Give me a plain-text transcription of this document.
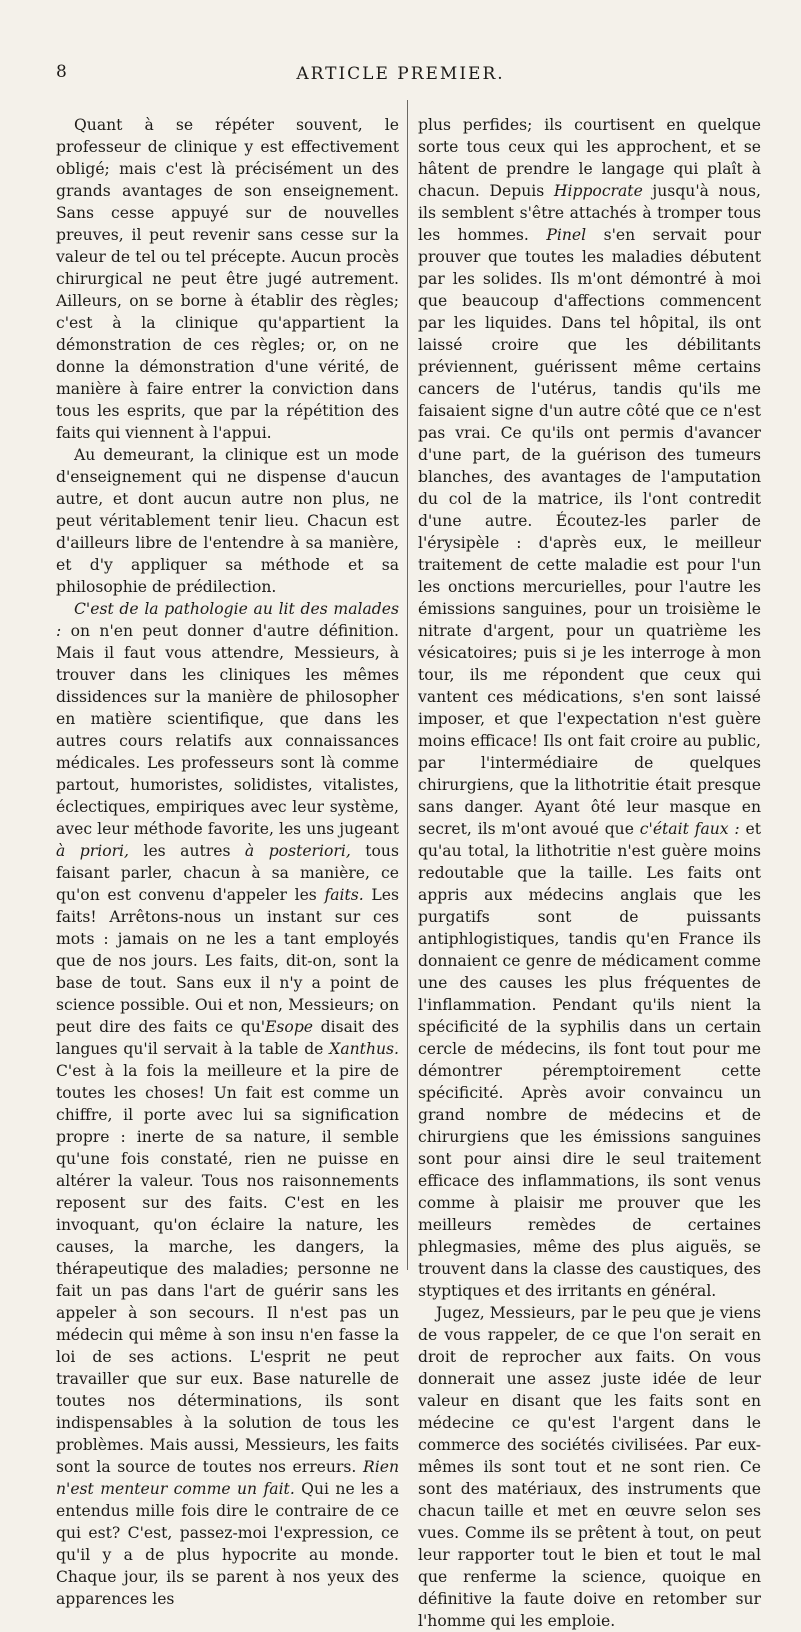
8	ARTICLE PREMIER.

Quant à se répéter souvent, le professeur de clinique y est effectivement obligé; mais c'est là précisément un des grands avantages de son enseignement. Sans cesse appuyé sur de nouvelles preuves, il peut revenir sans cesse sur la valeur de tel ou tel précepte. Aucun procès chirurgical ne peut être jugé autrement. Ailleurs, on se borne à établir des règles; c'est à la clinique qu'appartient la démonstration de ces règles; or, on ne donne la démonstration d'une vérité, de manière à faire entrer la conviction dans tous les esprits, que par la répétition des faits qui viennent à l'appui.

Au demeurant, la clinique est un mode d'enseignement qui ne dispense d'aucun autre, et dont aucun autre non plus, ne peut véritablement tenir lieu. Chacun est d'ailleurs libre de l'entendre à sa manière, et d'y appliquer sa méthode et sa philosophie de prédilection.

C'est de la pathologie au lit des malades : on n'en peut donner d'autre définition. Mais il faut vous attendre, Messieurs, à trouver dans les cliniques les mêmes dissidences sur la manière de philosopher en matière scientifique, que dans les autres cours relatifs aux connaissances médicales. Les professeurs sont là comme partout, humoristes, solidistes, vitalistes, éclectiques, empiriques avec leur système, avec leur méthode favorite, les uns jugeant à priori, les autres à posteriori, tous faisant parler, chacun à sa manière, ce qu'on est convenu d'appeler les faits. Les faits! Arrêtons-nous un instant sur ces mots : jamais on ne les a tant employés que de nos jours. Les faits, dit-on, sont la base de tout. Sans eux il n'y a point de science possible. Oui et non, Messieurs; on peut dire des faits ce qu'Esope disait des langues qu'il servait à la table de Xanthus. C'est à la fois la meilleure et la pire de toutes les choses! Un fait est comme un chiffre, il porte avec lui sa signification propre : inerte de sa nature, il semble qu'une fois constaté, rien ne puisse en altérer la valeur. Tous nos raisonnements reposent sur des faits. C'est en les invoquant, qu'on éclaire la nature, les causes, la marche, les dangers, la thérapeutique des maladies; personne ne fait un pas dans l'art de guérir sans les appeler à son secours. Il n'est pas un médecin qui même à son insu n'en fasse la loi de ses actions. L'esprit ne peut travailler que sur eux. Base naturelle de toutes nos déterminations, ils sont indispensables à la solution de tous les problèmes. Mais aussi, Messieurs, les faits sont la source de toutes nos erreurs. Rien n'est menteur comme un fait. Qui ne les a entendus mille fois dire le contraire de ce qui est? C'est, passez-moi l'expression, ce qu'il y a de plus hypocrite au monde. Chaque jour, ils se parent à nos yeux des apparences les

plus perfides; ils courtisent en quelque sorte tous ceux qui les approchent, et se hâtent de prendre le langage qui plaît à chacun. Depuis Hippocrate jusqu'à nous, ils semblent s'être attachés à tromper tous les hommes. Pinel s'en servait pour prouver que toutes les maladies débutent par les solides. Ils m'ont démontré à moi que beaucoup d'affections commencent par les liquides. Dans tel hôpital, ils ont laissé croire que les débilitants préviennent, guérissent même certains cancers de l'utérus, tandis qu'ils me faisaient signe d'un autre côté que ce n'est pas vrai. Ce qu'ils ont permis d'avancer d'une part, de la guérison des tumeurs blanches, des avantages de l'amputation du col de la matrice, ils l'ont contredit d'une autre. Écoutez-les parler de l'érysipèle : d'après eux, le meilleur traitement de cette maladie est pour l'un les onctions mercurielles, pour l'autre les émissions sanguines, pour un troisième le nitrate d'argent, pour un quatrième les vésicatoires; puis si je les interroge à mon tour, ils me répondent que ceux qui vantent ces médications, s'en sont laissé imposer, et que l'expectation n'est guère moins efficace! Ils ont fait croire au public, par l'intermédiaire de quelques chirurgiens, que la lithotritie était presque sans danger. Ayant ôté leur masque en secret, ils m'ont avoué que c'était faux : et qu'au total, la lithotritie n'est guère moins redoutable que la taille. Les faits ont appris aux médecins anglais que les purgatifs sont de puissants antiphlogistiques, tandis qu'en France ils donnaient ce genre de médicament comme une des causes les plus fréquentes de l'inflammation. Pendant qu'ils nient la spécificité de la syphilis dans un certain cercle de médecins, ils font tout pour me démontrer péremptoirement cette spécificité. Après avoir convaincu un grand nombre de médecins et de chirurgiens que les émissions sanguines sont pour ainsi dire le seul traitement efficace des inflammations, ils sont venus comme à plaisir me prouver que les meilleurs remèdes de certaines phlegmasies, même des plus aiguës, se trouvent dans la classe des caustiques, des styptiques et des irritants en général.

Jugez, Messieurs, par le peu que je viens de vous rappeler, de ce que l'on serait en droit de reprocher aux faits. On vous donnerait une assez juste idée de leur valeur en disant que les faits sont en médecine ce qu'est l'argent dans le commerce des sociétés civilisées. Par eux-mêmes ils sont tout et ne sont rien. Ce sont des matériaux, des instruments que chacun taille et met en œuvre selon ses vues. Comme ils se prêtent à tout, on peut leur rapporter tout le bien et tout le mal que renferme la science, quoique en définitive la faute doive en retomber sur l'homme qui les emploie.
